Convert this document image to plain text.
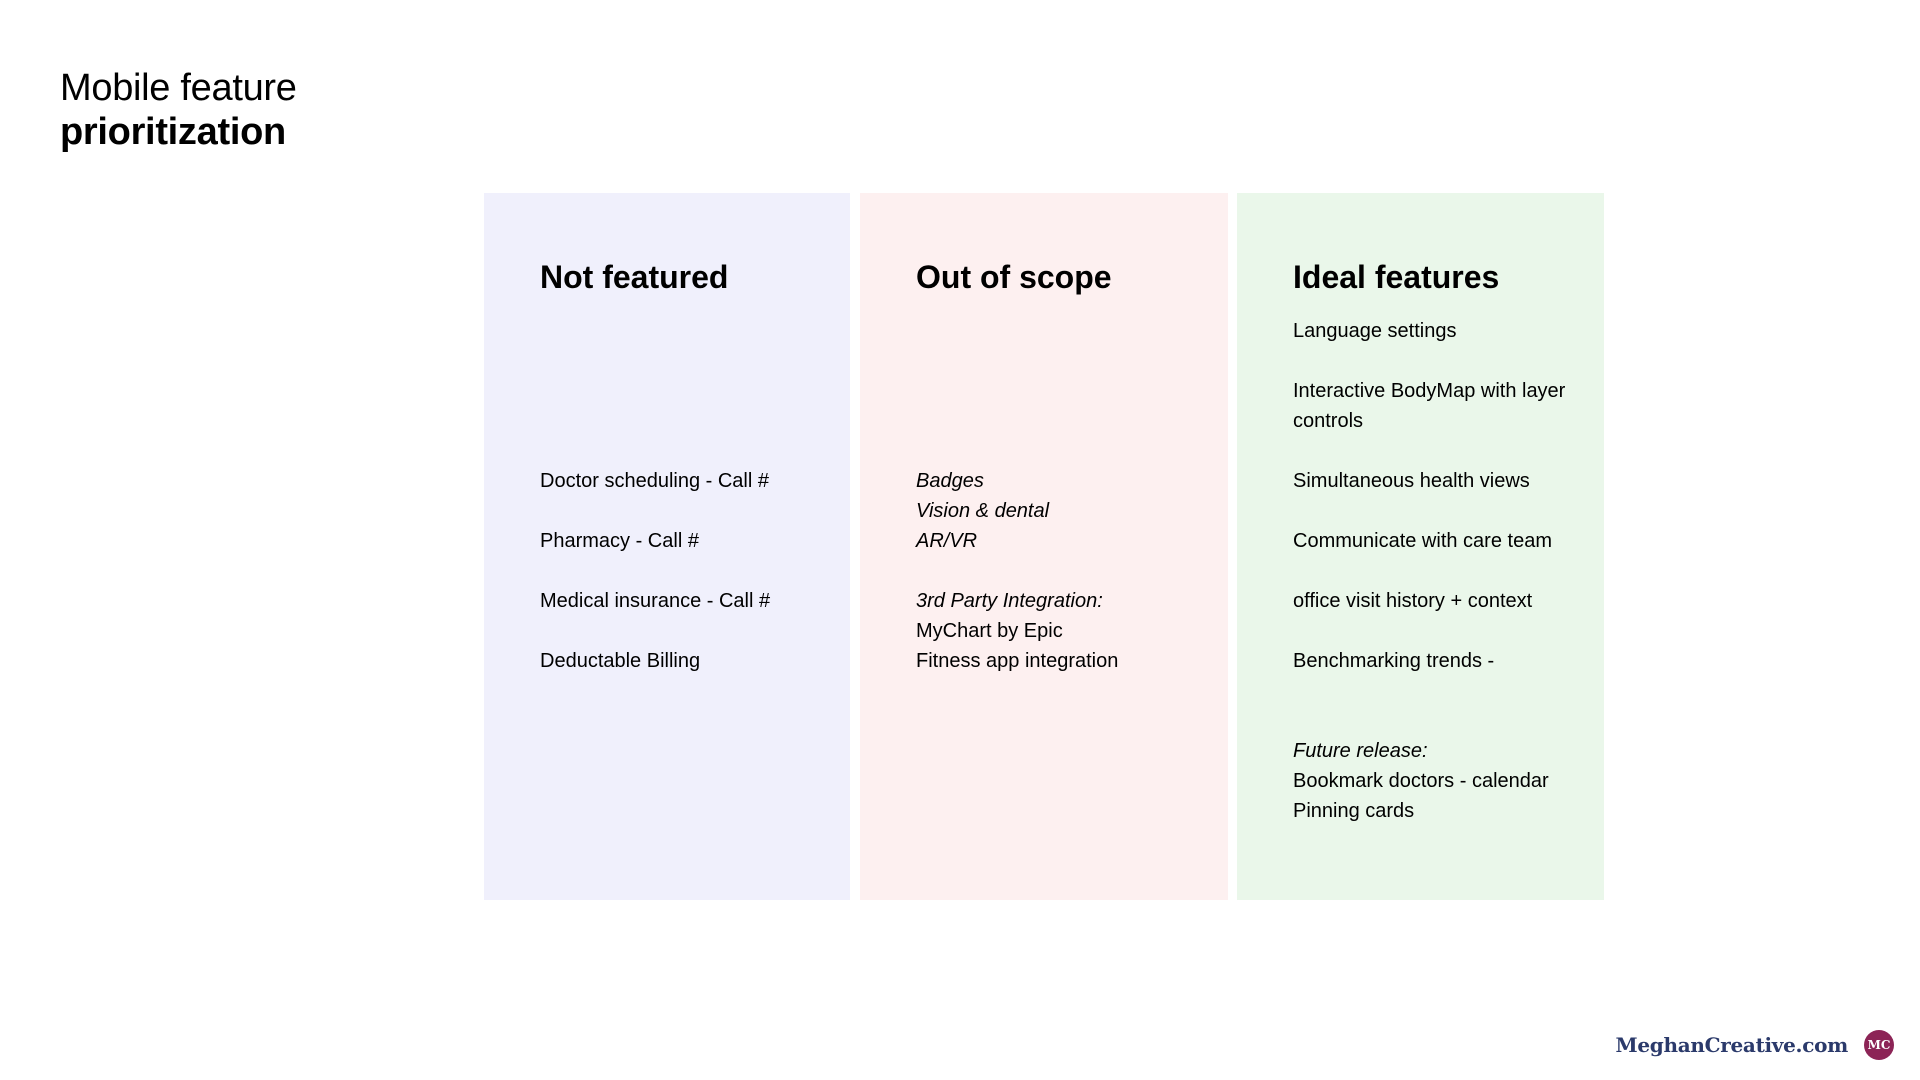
Mobile feature
prioritization
Not featured
Doctor scheduling - Call #
Pharmacy - Call #
Medical insurance - Call #
Deductable Billing
Out of scope
Badges
Vision & dental
AR/VR
3rd Party Integration:
MyChart by Epic
Fitness app integration
Ideal features
Language settings
Interactive BodyMap with layer controls
Simultaneous health views
Communicate with care team
office visit history + context
Benchmarking trends -
Future release:
Bookmark doctors - calendar
Pinning cards
MeghanCreative.com MC
